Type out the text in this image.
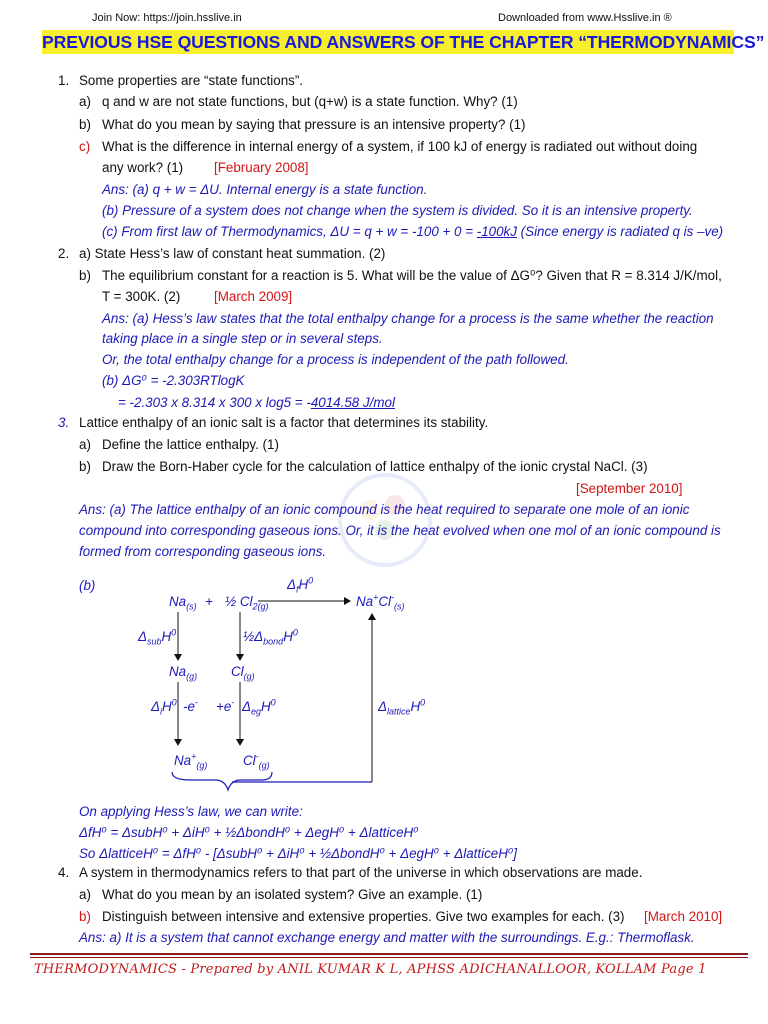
Join Now: https://join.hsslive.in	Downloaded from www.Hsslive.in ®
PREVIOUS HSE QUESTIONS AND ANSWERS OF THE CHAPTER “THERMODYNAMICS”
1. Some properties are “state functions”.
a) q and w are not state functions, but (q+w) is a state function. Why? (1)
b) What do you mean by saying that pressure is an intensive property? (1)
c) What is the difference in internal energy of a system, if 100 kJ of energy is radiated out without doing
any work? (1) [February 2008]
Ans: (a) q + w = ΔU. Internal energy is a state function.
(b) Pressure of a system does not change when the system is divided. So it is an intensive property.
(c) From first law of Thermodynamics, ΔU = q + w = -100 + 0 = -100kJ (Since energy is radiated q is –ve)
2. a) State Hess’s law of constant heat summation. (2)
b) The equilibrium constant for a reaction is 5. What will be the value of ΔG⁰? Given that R = 8.314 J/K/mol,
T = 300K. (2)	[March 2009]
Ans: (a) Hess’s law states that the total enthalpy change for a process is the same whether the reaction
taking place in a single step or in several steps.
Or, the total enthalpy change for a process is independent of the path followed.
(b) ΔG⁰ = -2.303RTlogK
= -2.303 x 8.314 x 300 x log5 = -4014.58 J/mol
3. Lattice enthalpy of an ionic salt is a factor that determines its stability.
a) Define the lattice enthalpy. (1)
b) Draw the Born-Haber cycle for the calculation of lattice enthalpy of the ionic crystal NaCl. (3)
[September 2010]
Ans: (a) The lattice enthalpy of an ionic compound is the heat required to separate one mole of an ionic
compound into corresponding gaseous ions. Or, it is the heat evolved when one mol of an ionic compound is
formed from corresponding gaseous ions.
(b)
$Na_{(s)}$ + ½ $Cl_{2(g)}$
$\Delta_fH^0$
$Na^+Cl^-_{(s)}$
$\Delta_{sub}H^0$	$\frac{1}{2}\Delta_{bond}H^0$
$Na_{(g)}$	$Cl_{(g)}$
$\Delta_iH^0$ -e- +e- $\Delta_{eg}H^0$	$\Delta_{lattice}H^0$
$Na^+_{(g)}$	$Cl^-_{(g)}$
On applying Hess’s law, we can write:
ΔfH⁰ = ΔsubH⁰ + ΔiH⁰ + ½ΔbondH⁰ + ΔegH⁰ + ΔlatticeH⁰
So ΔlatticeH⁰ = ΔfH⁰ - [ΔsubH⁰ + ΔiH⁰ + ½ΔbondH⁰ + ΔegH⁰ + ΔlatticeH⁰]
4. A system in thermodynamics refers to that part of the universe in which observations are made.
a) What do you mean by an isolated system? Give an example. (1)
b) Distinguish between intensive and extensive properties. Give two examples for each. (3) [March 2010]
Ans: a) It is a system that cannot exchange energy and matter with the surroundings. E.g.: Thermoflask.
THERMODYNAMICS - Prepared by ANIL KUMAR K L, APHSS ADICHANALLOOR, KOLLAM Page 1
